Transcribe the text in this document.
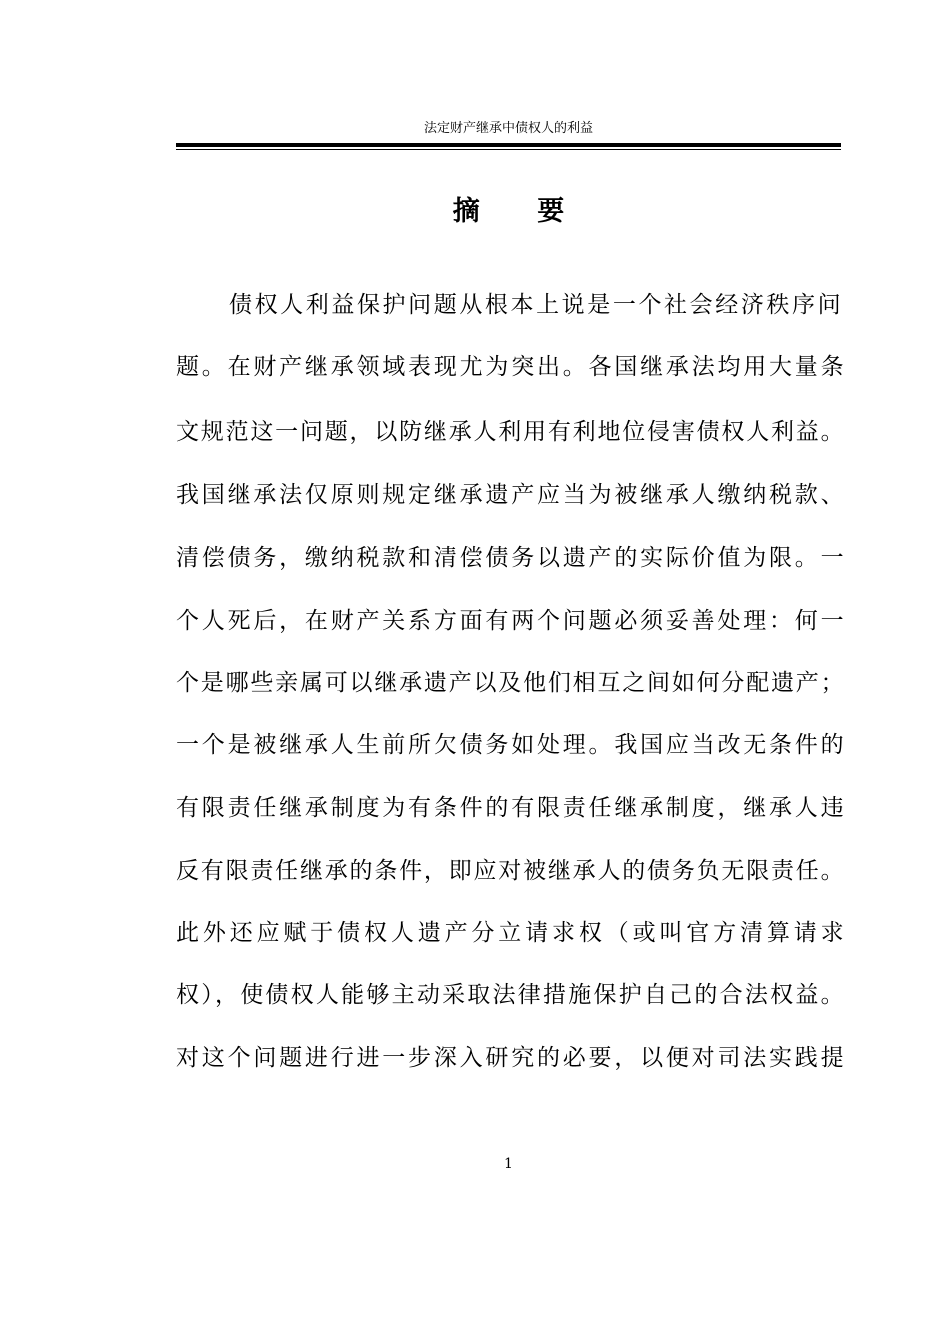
法定财产继承中债权人的利益
摘 要
债权人利益保护问题从根本上说是一个社会经济秩序问
题。在财产继承领域表现尤为突出。各国继承法均用大量条
文规范这一问题，以防继承人利用有利地位侵害债权人利益。
我国继承法仅原则规定继承遗产应当为被继承人缴纳税款、
清偿债务，缴纳税款和清偿债务以遗产的实际价值为限。一
个人死后，在财产关系方面有两个问题必须妥善处理：何一
个是哪些亲属可以继承遗产以及他们相互之间如何分配遗产；
一个是被继承人生前所欠债务如处理。我国应当改无条件的
有限责任继承制度为有条件的有限责任继承制度，继承人违
反有限责任继承的条件，即应对被继承人的债务负无限责任。
此外还应赋于债权人遗产分立请求权（或叫官方清算请求
权），使债权人能够主动采取法律措施保护自己的合法权益。
对这个问题进行进一步深入研究的必要，以便对司法实践提
1
